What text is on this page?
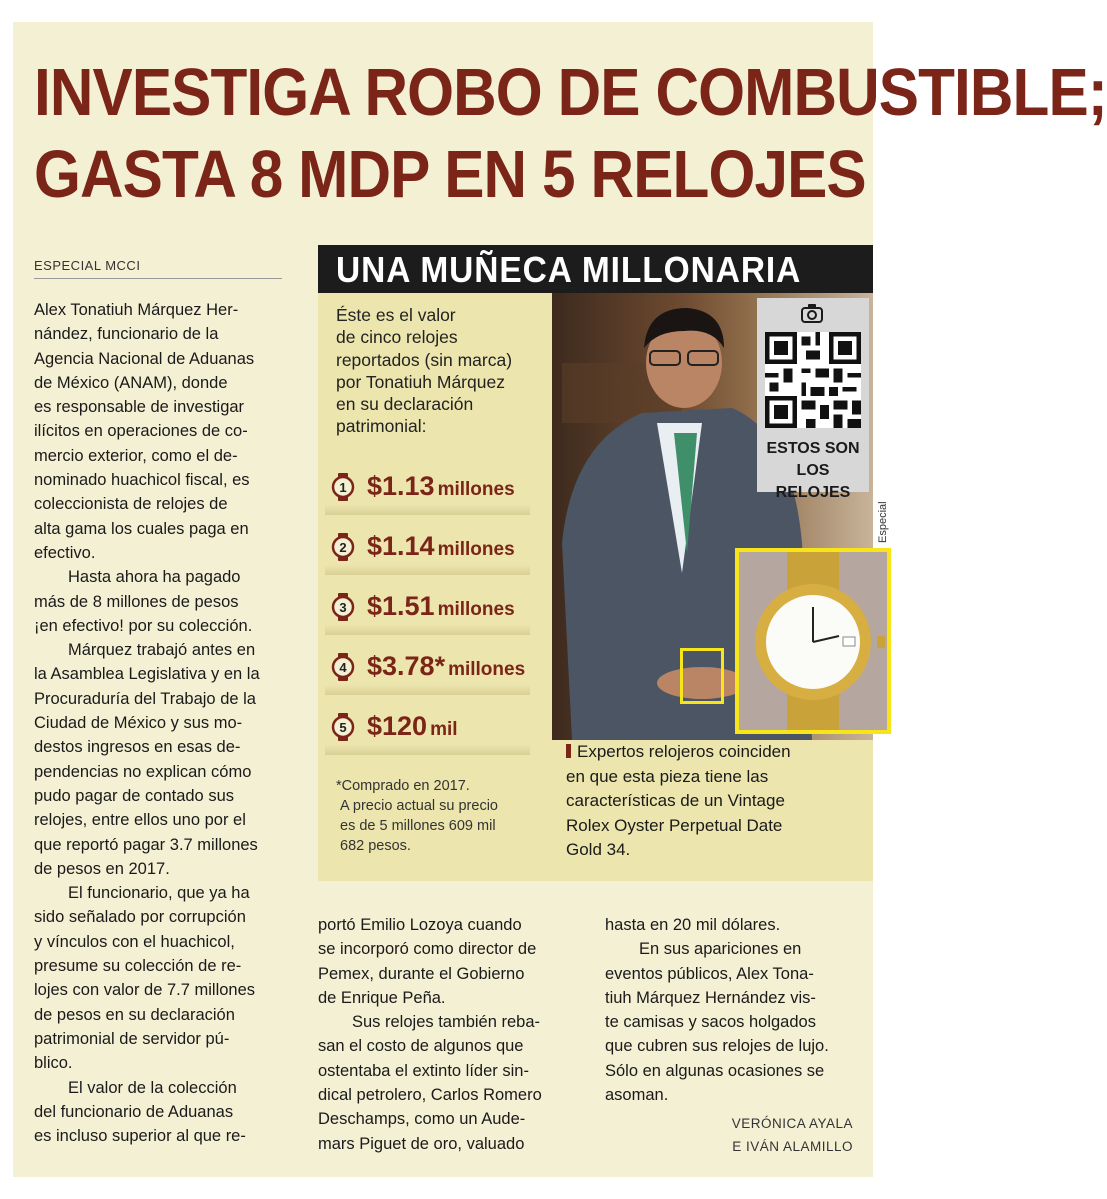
INVESTIGA ROBO DE COMBUSTIBLE;
GASTA 8 MDP EN 5 RELOJES
ESPECIAL MCCI

Alex Tonatiuh Márquez Her-
nández, funcionario de la
Agencia Nacional de Aduanas
de México (ANAM), donde
es responsable de investigar
ilícitos en operaciones de co-
mercio exterior, como el de-
nominado huachicol fiscal, es
coleccionista de relojes de
alta gama los cuales paga en
efectivo.

Hasta ahora ha pagado
más de 8 millones de pesos
¡en efectivo! por su colección.

Márquez trabajó antes en
la Asamblea Legislativa y en la
Procuraduría del Trabajo de la
Ciudad de México y sus mo-
destos ingresos en esas de-
pendencias no explican cómo
pudo pagar de contado sus
relojes, entre ellos uno por el
que reportó pagar 3.7 millones
de pesos en 2017.

El funcionario, que ya ha
sido señalado por corrupción
y vínculos con el huachicol,
presume su colección de re-
lojes con valor de 7.7 millones
de pesos en su declaración
patrimonial de servidor pú-
blico.

El valor de la colección
del funcionario de Aduanas
es incluso superior al que re-

UNA MUÑECA MILLONARIA
Éste es el valor
de cinco relojes
reportados (sin marca)
por Tonatiuh Márquez
en su declaración
patrimonial:
1 $1.13 millones
2 $1.14 millones
3 $1.51 millones
4 $3.78* millones
5 $120 mil
*Comprado en 2017.
A precio actual su precio
es de 5 millones 609 mil
682 pesos.
ESTOS SON
LOS RELOJES
Especial
Expertos relojeros coinciden
en que esta pieza tiene las
características de un Vintage
Rolex Oyster Perpetual Date
Gold 34.

portó Emilio Lozoya cuando
se incorporó como director de
Pemex, durante el Gobierno
de Enrique Peña.

Sus relojes también reba-
san el costo de algunos que
ostentaba el extinto líder sin-
dical petrolero, Carlos Romero
Deschamps, como un Aude-
mars Piguet de oro, valuado

hasta en 20 mil dólares.

En sus apariciones en
eventos públicos, Alex Tona-
tiuh Márquez Hernández vis-
te camisas y sacos holgados
que cubren sus relojes de lujo.
Sólo en algunas ocasiones se
asoman.

VERÓNICA AYALA
E IVÁN ALAMILLO
